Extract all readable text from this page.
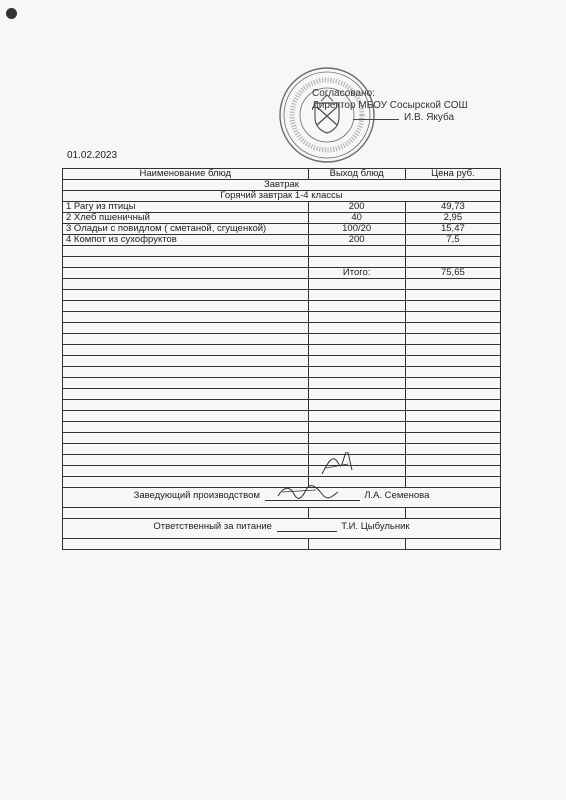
Согласовано:
Директор МБОУ Сосырской СОШ
И.В. Якуба
01.02.2023
Наименование блюд	Выход блюд	Цена руб.
Завтрак		
Горячий завтрак 1-4 классы		
1 Рагу из птицы	200	49,73
2 Хлеб пшеничный	40	2,95
3 Оладьи с повидлом ( сметаной, сгущенкой)	100/20	15,47
4 Компот из сухофруктов	200	7,5

	Итого:	75,65

Заведующий производством Л.А. Семенова		

Ответственный за питание Т.И. Цыбульник		
